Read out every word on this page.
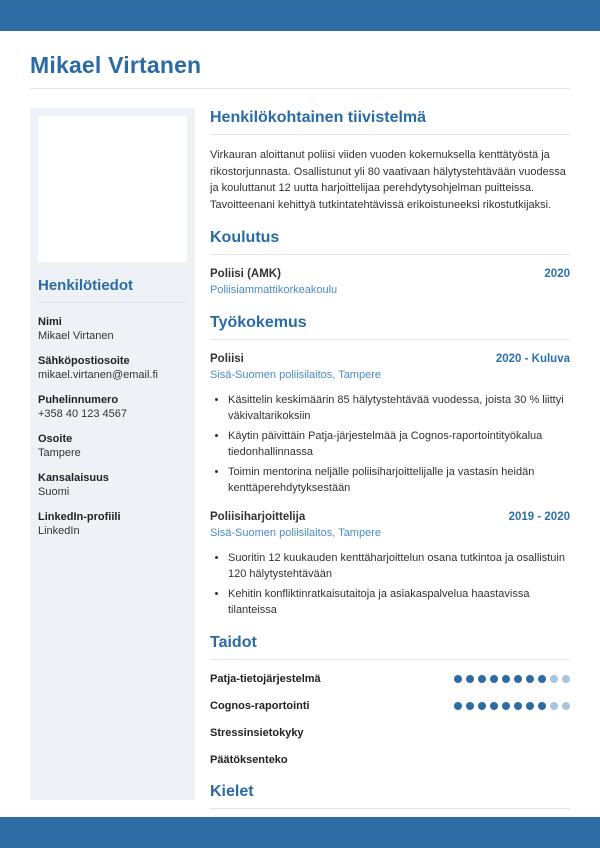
Mikael Virtanen
Henkilötiedot
Nimi
Mikael Virtanen
Sähköpostiosoite
mikael.virtanen@email.fi
Puhelinnumero
+358 40 123 4567
Osoite
Tampere
Kansalaisuus
Suomi
LinkedIn-profiili
LinkedIn
Henkilökohtainen tiivistelmä

Virkauran aloittanut poliisi viiden vuoden kokemuksella kenttätyöstä ja rikostorjunnasta. Osallistunut yli 80 vaativaan hälytystehtävään vuodessa ja kouluttanut 12 uutta harjoittelijaa perehdytysohjelman puitteissa. Tavoitteenani kehittyä tutkintatehtävissä erikoistuneeksi rikostutkijaksi.

Koulutus
Poliisi (AMK)	2020
Poliisiammattikorkeakoulu
Työkokemus
Poliisi	2020 - Kuluva
Sisä-Suomen poliisilaitos, Tampere
• Käsittelin keskimäärin 85 hälytystehtävää vuodessa, joista 30 % liittyi väkivaltarikoksiin
• Käytin päivittäin Patja-järjestelmää ja Cognos-raportointityökalua tiedonhallinnassa
• Toimin mentorina neljälle poliisiharjoittelijalle ja vastasin heidän kenttäperehdytyksestään
Poliisiharjoittelija	2019 - 2020
Sisä-Suomen poliisilaitos, Tampere
• Suoritin 12 kuukauden kenttäharjoittelun osana tutkintoa ja osallistuin 120 hälytystehtävään
• Kehitin konfliktinratkaisutaitoja ja asiakaspalvelua haastavissa tilanteissa
Taidot
Patja-tietojärjestelmä
Cognos-raportointi
Stressinsietokyky
Päätöksenteko
Kielet
